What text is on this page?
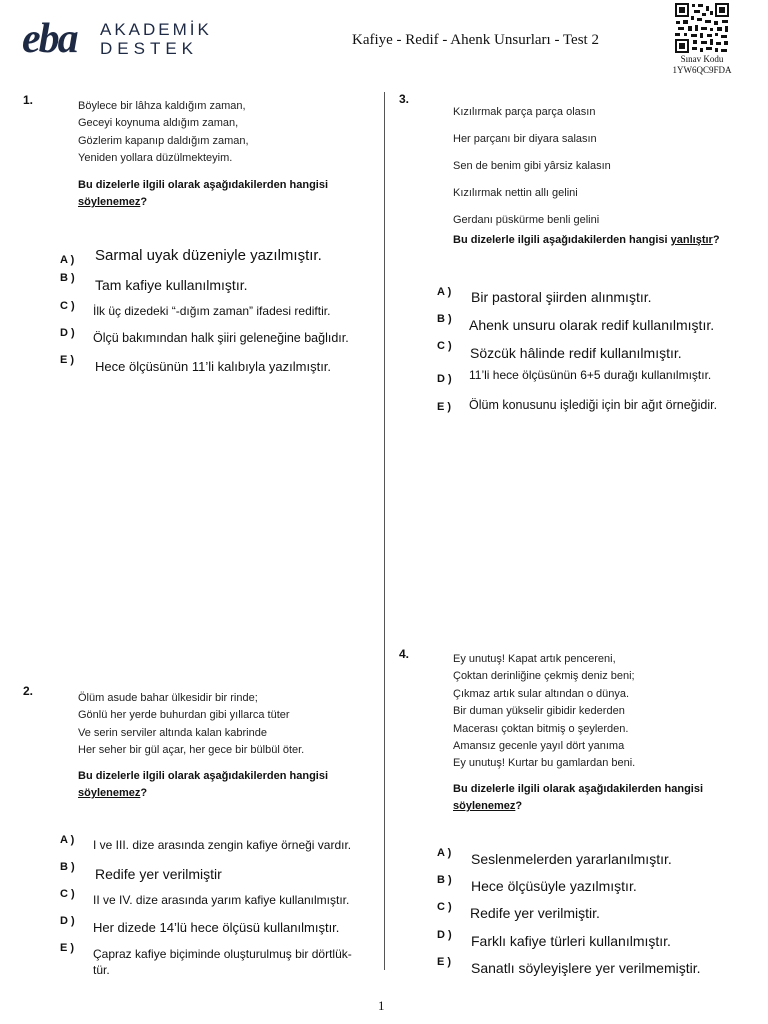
eba AKADEMİK
DESTEK	Kafiye - Redif - Ahenk Unsurları - Test 2
Sınav Kodu
1YW6QC9FDA
1.	Böylece bir lâhza kaldığım zaman,
Geceyi koynuma aldığım zaman,
Gözlerim kapanıp daldığım zaman,
Yeniden yollara düzülmekteyim.
Bu dizelerle ilgili olarak aşağıdakilerden hangisi
söylenemez?
A ) Sarmal uyak düzeniyle yazılmıştır.
B ) Tam kafiye kullanılmıştır.
C ) İlk üç dizedeki “-dığım zaman” ifadesi rediftir.
D ) Ölçü bakımından halk şiiri geleneğine bağlıdır.
E ) Hece ölçüsünün 11’li kalıbıyla yazılmıştır.
2.	Ölüm asude bahar ülkesidir bir rinde;
Gönlü her yerde buhurdan gibi yıllarca tüter
Ve serin serviler altında kalan kabrinde
Her seher bir gül açar, her gece bir bülbül öter.
Bu dizelerle ilgili olarak aşağıdakilerden hangisi
söylenemez?
A ) I ve III. dize arasında zengin kafiye örneği vardır.
B ) Redife yer verilmiştir
C ) II ve IV. dize arasında yarım kafiye kullanılmıştır.
D ) Her dizede 14’lü hece ölçüsü kullanılmıştır.
E ) Çapraz kafiye biçiminde oluşturulmuş bir dörtlük-
tür.
3.
Kızılırmak parça parça olasın
Her parçanı bir diyara salasın
Sen de benim gibi yârsiz kalasın
Kızılırmak nettin allı gelini
Gerdanı püskürme benli gelini
Bu dizelerle ilgili aşağıdakilerden hangisi yanlıştır?
A ) Bir pastoral şiirden alınmıştır.
B ) Ahenk unsuru olarak redif kullanılmıştır.
C ) Sözcük hâlinde redif kullanılmıştır.
D ) 11’li hece ölçüsünün 6+5 durağı kullanılmıştır.
E ) Ölüm konusunu işlediği için bir ağıt örneğidir.
4.	Ey unutuş! Kapat artık pencereni,
Çoktan derinliğine çekmiş deniz beni;
Çıkmaz artık sular altından o dünya.
Bir duman yükselir gibidir kederden
Macerası çoktan bitmiş o şeylerden.
Amansız gecenle yayıl dört yanıma
Ey unutuş! Kurtar bu gamlardan beni.
Bu dizelerle ilgili olarak aşağıdakilerden hangisi
söylenemez?
A ) Seslenmelerden yararlanılmıştır.
B ) Hece ölçüsüyle yazılmıştır.
C ) Redife yer verilmiştir.
D ) Farklı kafiye türleri kullanılmıştır.
E ) Sanatlı söyleyişlere yer verilmemiştir.
1
